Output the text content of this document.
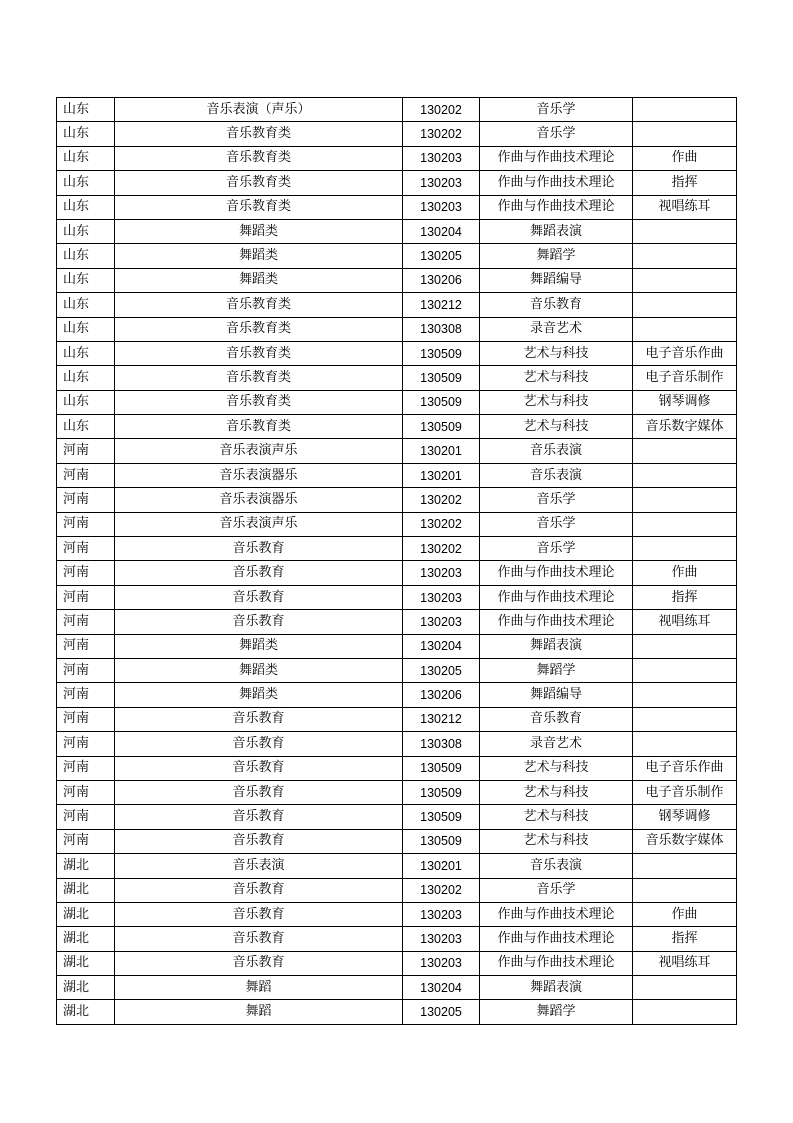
山东	音乐表演（声乐）	130202	音乐学	
山东	音乐教育类	130202	音乐学	
山东	音乐教育类	130203	作曲与作曲技术理论	作曲
山东	音乐教育类	130203	作曲与作曲技术理论	指挥
山东	音乐教育类	130203	作曲与作曲技术理论	视唱练耳
山东	舞蹈类	130204	舞蹈表演	
山东	舞蹈类	130205	舞蹈学	
山东	舞蹈类	130206	舞蹈编导	
山东	音乐教育类	130212	音乐教育	
山东	音乐教育类	130308	录音艺术	
山东	音乐教育类	130509	艺术与科技	电子音乐作曲
山东	音乐教育类	130509	艺术与科技	电子音乐制作
山东	音乐教育类	130509	艺术与科技	钢琴调修
山东	音乐教育类	130509	艺术与科技	音乐数字媒体
河南	音乐表演声乐	130201	音乐表演	
河南	音乐表演器乐	130201	音乐表演	
河南	音乐表演器乐	130202	音乐学	
河南	音乐表演声乐	130202	音乐学	
河南	音乐教育	130202	音乐学	
河南	音乐教育	130203	作曲与作曲技术理论	作曲
河南	音乐教育	130203	作曲与作曲技术理论	指挥
河南	音乐教育	130203	作曲与作曲技术理论	视唱练耳
河南	舞蹈类	130204	舞蹈表演	
河南	舞蹈类	130205	舞蹈学	
河南	舞蹈类	130206	舞蹈编导	
河南	音乐教育	130212	音乐教育	
河南	音乐教育	130308	录音艺术	
河南	音乐教育	130509	艺术与科技	电子音乐作曲
河南	音乐教育	130509	艺术与科技	电子音乐制作
河南	音乐教育	130509	艺术与科技	钢琴调修
河南	音乐教育	130509	艺术与科技	音乐数字媒体
湖北	音乐表演	130201	音乐表演	
湖北	音乐教育	130202	音乐学	
湖北	音乐教育	130203	作曲与作曲技术理论	作曲
湖北	音乐教育	130203	作曲与作曲技术理论	指挥
湖北	音乐教育	130203	作曲与作曲技术理论	视唱练耳
湖北	舞蹈	130204	舞蹈表演	
湖北	舞蹈	130205	舞蹈学	
